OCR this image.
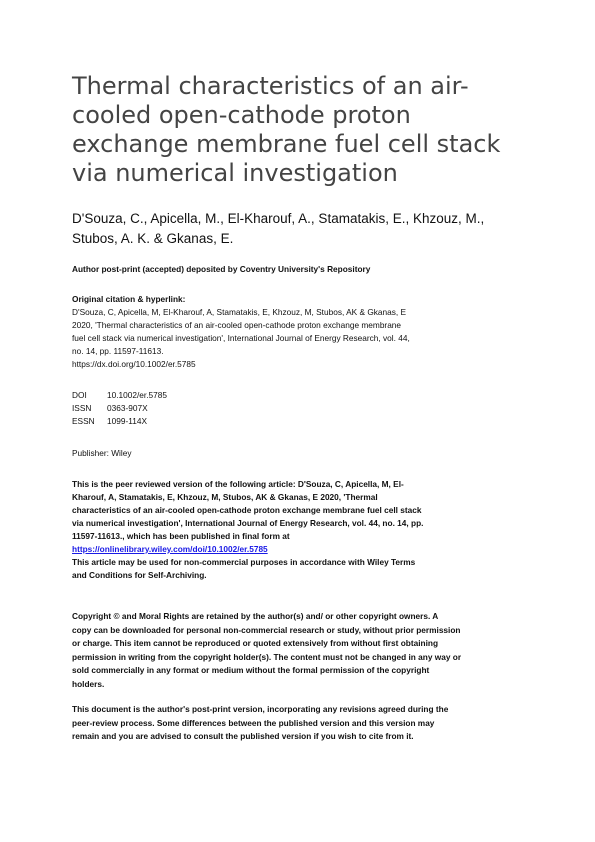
Thermal characteristics of an air-
cooled open-cathode proton
exchange membrane fuel cell stack
via numerical investigation
D'Souza, C., Apicella, M., El-Kharouf, A., Stamatakis, E., Khzouz, M.,
Stubos, A. K. & Gkanas, E.
Author post-print (accepted) deposited by Coventry University's Repository
Original citation & hyperlink:
D'Souza, C, Apicella, M, El-Kharouf, A, Stamatakis, E, Khzouz, M, Stubos, AK & Gkanas, E
2020, 'Thermal characteristics of an air-cooled open-cathode proton exchange membrane
fuel cell stack via numerical investigation', International Journal of Energy Research, vol. 44,
no. 14, pp. 11597-11613.
https://dx.doi.org/10.1002/er.5785
DOI	10.1002/er.5785
ISSN	0363-907X
ESSN	1099-114X
Publisher: Wiley
This is the peer reviewed version of the following article: D'Souza, C, Apicella, M, El-
Kharouf, A, Stamatakis, E, Khzouz, M, Stubos, AK & Gkanas, E 2020, 'Thermal
characteristics of an air-cooled open-cathode proton exchange membrane fuel cell stack
via numerical investigation', International Journal of Energy Research, vol. 44, no. 14, pp.
11597-11613., which has been published in final form at
https://onlinelibrary.wiley.com/doi/10.1002/er.5785
This article may be used for non-commercial purposes in accordance with Wiley Terms
and Conditions for Self-Archiving.
Copyright © and Moral Rights are retained by the author(s) and/ or other copyright owners. A
copy can be downloaded for personal non-commercial research or study, without prior permission
or charge. This item cannot be reproduced or quoted extensively from without first obtaining
permission in writing from the copyright holder(s). The content must not be changed in any way or
sold commercially in any format or medium without the formal permission of the copyright
holders.
This document is the author's post-print version, incorporating any revisions agreed during the
peer-review process. Some differences between the published version and this version may
remain and you are advised to consult the published version if you wish to cite from it.
